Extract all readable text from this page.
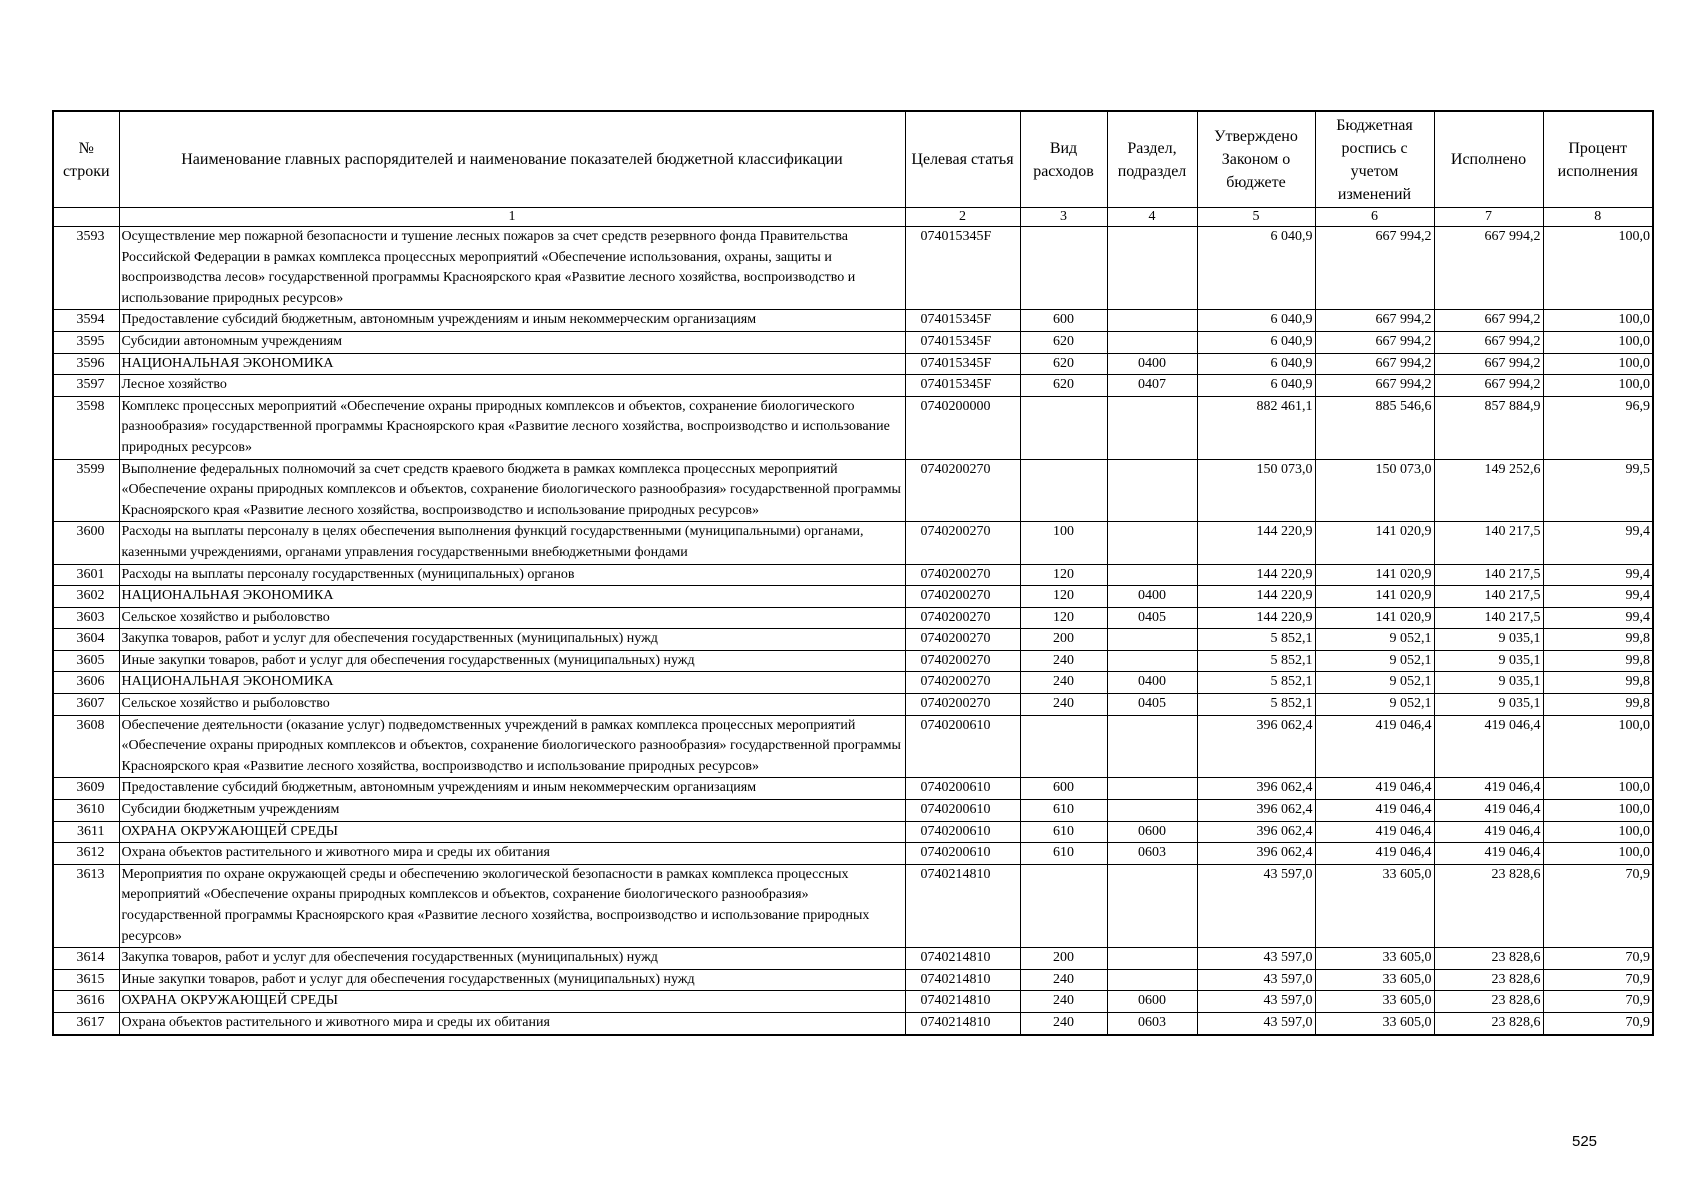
№ строки	Наименование главных распорядителей и наименование показателей бюджетной классификации	Целевая статья	Вид расходов	Раздел, подраздел	Утверждено Законом о бюджете	Бюджетная роспись с учетом изменений	Исполнено	Процент исполнения
	1	2	3	4	5	6	7	8
3593	Осуществление мер пожарной безопасности и тушение лесных пожаров за счет средств резервного фонда Правительства Российской Федерации в рамках комплекса процессных мероприятий «Обеспечение использования, охраны, защиты и воспроизводства лесов» государственной программы Красноярского края «Развитие лесного хозяйства, воспроизводство и использование природных ресурсов»	074015345F			6 040,9	667 994,2	667 994,2	100,0
3594	Предоставление субсидий бюджетным, автономным учреждениям и иным некоммерческим организациям	074015345F	600		6 040,9	667 994,2	667 994,2	100,0
3595	Субсидии автономным учреждениям	074015345F	620		6 040,9	667 994,2	667 994,2	100,0
3596	НАЦИОНАЛЬНАЯ ЭКОНОМИКА	074015345F	620	0400	6 040,9	667 994,2	667 994,2	100,0
3597	Лесное хозяйство	074015345F	620	0407	6 040,9	667 994,2	667 994,2	100,0
3598	Комплекс процессных мероприятий «Обеспечение охраны природных комплексов и объектов, сохранение биологического разнообразия» государственной программы Красноярского края «Развитие лесного хозяйства, воспроизводство и использование природных ресурсов»	0740200000			882 461,1	885 546,6	857 884,9	96,9
3599	Выполнение федеральных полномочий за счет средств краевого бюджета в рамках комплекса процессных мероприятий «Обеспечение охраны природных комплексов и объектов, сохранение биологического разнообразия» государственной программы Красноярского края «Развитие лесного хозяйства, воспроизводство и использование природных ресурсов»	0740200270			150 073,0	150 073,0	149 252,6	99,5
3600	Расходы на выплаты персоналу в целях обеспечения выполнения функций государственными (муниципальными) органами, казенными учреждениями, органами управления государственными внебюджетными фондами	0740200270	100		144 220,9	141 020,9	140 217,5	99,4
3601	Расходы на выплаты персоналу государственных (муниципальных) органов	0740200270	120		144 220,9	141 020,9	140 217,5	99,4
3602	НАЦИОНАЛЬНАЯ ЭКОНОМИКА	0740200270	120	0400	144 220,9	141 020,9	140 217,5	99,4
3603	Сельское хозяйство и рыболовство	0740200270	120	0405	144 220,9	141 020,9	140 217,5	99,4
3604	Закупка товаров, работ и услуг для обеспечения государственных (муниципальных) нужд	0740200270	200		5 852,1	9 052,1	9 035,1	99,8
3605	Иные закупки товаров, работ и услуг для обеспечения государственных (муниципальных) нужд	0740200270	240		5 852,1	9 052,1	9 035,1	99,8
3606	НАЦИОНАЛЬНАЯ ЭКОНОМИКА	0740200270	240	0400	5 852,1	9 052,1	9 035,1	99,8
3607	Сельское хозяйство и рыболовство	0740200270	240	0405	5 852,1	9 052,1	9 035,1	99,8
3608	Обеспечение деятельности (оказание услуг) подведомственных учреждений в рамках комплекса процессных мероприятий «Обеспечение охраны природных комплексов и объектов, сохранение биологического разнообразия» государственной программы Красноярского края «Развитие лесного хозяйства, воспроизводство и использование природных ресурсов»	0740200610			396 062,4	419 046,4	419 046,4	100,0
3609	Предоставление субсидий бюджетным, автономным учреждениям и иным некоммерческим организациям	0740200610	600		396 062,4	419 046,4	419 046,4	100,0
3610	Субсидии бюджетным учреждениям	0740200610	610		396 062,4	419 046,4	419 046,4	100,0
3611	ОХРАНА ОКРУЖАЮЩЕЙ СРЕДЫ	0740200610	610	0600	396 062,4	419 046,4	419 046,4	100,0
3612	Охрана объектов растительного и животного мира и среды их обитания	0740200610	610	0603	396 062,4	419 046,4	419 046,4	100,0
3613	Мероприятия по охране окружающей среды и обеспечению экологической безопасности в рамках комплекса процессных мероприятий «Обеспечение охраны природных комплексов и объектов, сохранение биологического разнообразия» государственной программы Красноярского края «Развитие лесного хозяйства, воспроизводство и использование природных ресурсов»	0740214810			43 597,0	33 605,0	23 828,6	70,9
3614	Закупка товаров, работ и услуг для обеспечения государственных (муниципальных) нужд	0740214810	200		43 597,0	33 605,0	23 828,6	70,9
3615	Иные закупки товаров, работ и услуг для обеспечения государственных (муниципальных) нужд	0740214810	240		43 597,0	33 605,0	23 828,6	70,9
3616	ОХРАНА ОКРУЖАЮЩЕЙ СРЕДЫ	0740214810	240	0600	43 597,0	33 605,0	23 828,6	70,9
3617	Охрана объектов растительного и животного мира и среды их обитания	0740214810	240	0603	43 597,0	33 605,0	23 828,6	70,9
525
